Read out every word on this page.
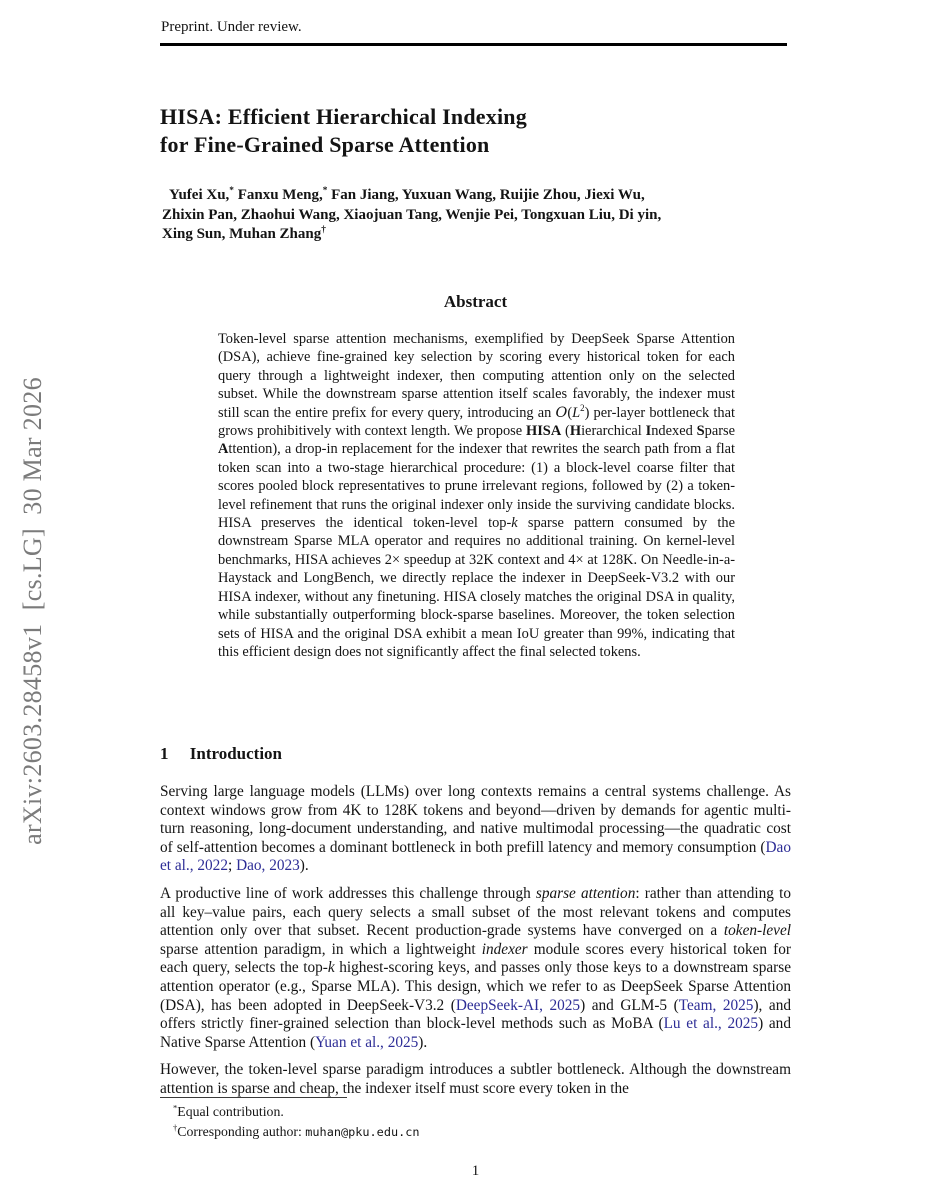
arXiv:2603.28458v1 [cs.LG] 30 Mar 2026
Preprint. Under review.
HISA: Efficient Hierarchical Indexing
for Fine-Grained Sparse Attention
Yufei Xu,* Fanxu Meng,* Fan Jiang, Yuxuan Wang, Ruijie Zhou, Jiexi Wu,
Zhixin Pan, Zhaohui Wang, Xiaojuan Tang, Wenjie Pei, Tongxuan Liu, Di yin,
Xing Sun, Muhan Zhang†
Abstract
Token-level sparse attention mechanisms, exemplified by DeepSeek Sparse Attention (DSA), achieve fine-grained key selection by scoring every historical token for each query through a lightweight indexer, then computing attention only on the selected subset. While the downstream sparse attention itself scales favorably, the indexer must still scan the entire prefix for every query, introducing an $O(L^2)$ per-layer bottleneck that grows prohibitively with context length. We propose HISA (Hierarchical Indexed Sparse Attention), a drop-in replacement for the indexer that rewrites the search path from a flat token scan into a two-stage hierarchical procedure: (1) a block-level coarse filter that scores pooled block representatives to prune irrelevant regions, followed by (2) a token-level refinement that runs the original indexer only inside the surviving candidate blocks. HISA preserves the identical token-level top-k sparse pattern consumed by the downstream Sparse MLA operator and requires no additional training. On kernel-level benchmarks, HISA achieves 2× speedup at 32K context and 4× at 128K. On Needle-in-a-Haystack and LongBench, we directly replace the indexer in DeepSeek-V3.2 with our HISA indexer, without any finetuning. HISA closely matches the original DSA in quality, while substantially outperforming block-sparse baselines. Moreover, the token selection sets of HISA and the original DSA exhibit a mean IoU greater than 99%, indicating that this efficient design does not significantly affect the final selected tokens.
1 Introduction

Serving large language models (LLMs) over long contexts remains a central systems challenge. As context windows grow from 4K to 128K tokens and beyond—driven by demands for agentic multi-turn reasoning, long-document understanding, and native multimodal processing—the quadratic cost of self-attention becomes a dominant bottleneck in both prefill latency and memory consumption (Dao et al., 2022; Dao, 2023).

A productive line of work addresses this challenge through sparse attention: rather than attending to all key–value pairs, each query selects a small subset of the most relevant tokens and computes attention only over that subset. Recent production-grade systems have converged on a token-level sparse attention paradigm, in which a lightweight indexer module scores every historical token for each query, selects the top-k highest-scoring keys, and passes only those keys to a downstream sparse attention operator (e.g., Sparse MLA). This design, which we refer to as DeepSeek Sparse Attention (DSA), has been adopted in DeepSeek-V3.2 (DeepSeek-AI, 2025) and GLM-5 (Team, 2025), and offers strictly finer-grained selection than block-level methods such as MoBA (Lu et al., 2025) and Native Sparse Attention (Yuan et al., 2025).

However, the token-level sparse paradigm introduces a subtler bottleneck. Although the downstream attention is sparse and cheap, the indexer itself must score every token in the

*Equal contribution.
†Corresponding author: muhan@pku.edu.cn
1
